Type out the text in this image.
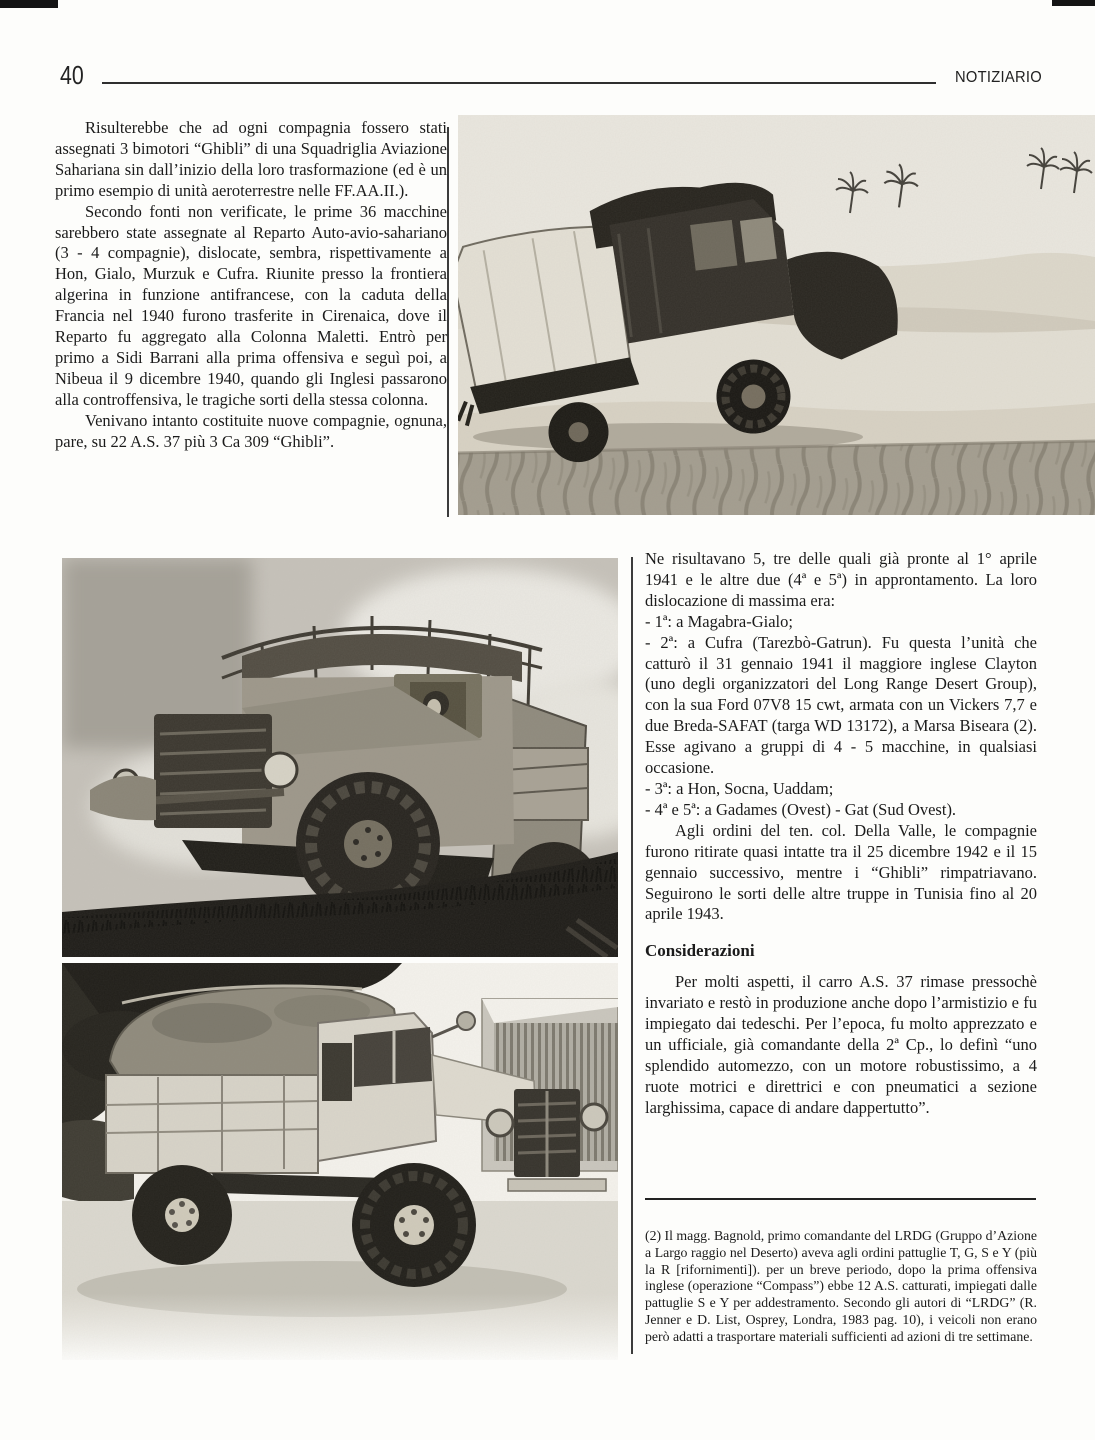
40	NOTIZIARIO

Risulterebbe che ad ogni compagnia fossero stati assegnati 3 bimotori “Ghibli” di una Squadriglia Aviazione Sahariana sin dall’inizio della loro trasformazione (ed è un primo esempio di unità aeroterrestre nelle FF.AA.II.).

Secondo fonti non verificate, le prime 36 macchine sarebbero state assegnate al Reparto Auto-avio-sahariano (3 - 4 compagnie), dislocate, sembra, rispettivamente a Hon, Gialo, Murzuk e Cufra. Riunite presso la frontiera algerina in funzione antifrancese, con la caduta della Francia nel 1940 furono trasferite in Cirenaica, dove il Reparto fu aggregato alla Colonna Maletti. Entrò per primo a Sidi Barrani alla prima offensiva e seguì poi, a Nibeua il 9 dicembre 1940, quando gli Inglesi passarono alla controffensiva, le tragiche sorti della stessa colonna.

Venivano intanto costituite nuove compagnie, ognuna, pare, su 22 A.S. 37 più 3 Ca 309 “Ghibli”.

Ne risultavano 5, tre delle quali già pronte al 1° aprile 1941 e le altre due (4ª e 5ª) in approntamento. La loro dislocazione di massima era:

- 1ª: a Magabra-Gialo;

- 2ª: a Cufra (Tarezbò-Gatrun). Fu questa l’unità che catturò il 31 gennaio 1941 il maggiore inglese Clayton (uno degli organizzatori del Long Range Desert Group), con la sua Ford 07V8 15 cwt, armata con un Vickers 7,7 e due Breda-SAFAT (targa WD 13172), a Marsa Biseara (2). Esse agivano a gruppi di 4 - 5 macchine, in qualsiasi occasione.

- 3ª: a Hon, Socna, Uaddam;

- 4ª e 5ª: a Gadames (Ovest) - Gat (Sud Ovest).

Agli ordini del ten. col. Della Valle, le compagnie furono ritirate quasi intatte tra il 25 dicembre 1942 e il 15 gennaio successivo, mentre i “Ghibli” rimpatriavano. Seguirono le sorti delle altre truppe in Tunisia fino al 20 aprile 1943.

Considerazioni

Per molti aspetti, il carro A.S. 37 rimase pressochè invariato e restò in produzione anche dopo l’armistizio e fu impiegato dai tedeschi. Per l’epoca, fu molto apprezzato e un ufficiale, già comandante della 2ª Cp., lo definì “uno splendido automezzo, con un motore robustissimo, a 4 ruote motrici e direttrici e con pneumatici a sezione larghissima, capace di andare dappertutto”.

(2) Il magg. Bagnold, primo comandante del LRDG (Gruppo d’Azione a Largo raggio nel Deserto) aveva agli ordini pattuglie T, G, S e Y (più la R [rifornimenti]). per un breve periodo, dopo la prima offensiva inglese (operazione “Compass”) ebbe 12 A.S. catturati, impiegati dalle pattuglie S e Y per addestramento. Secondo gli autori di “LRDG” (R. Jenner e D. List, Osprey, Londra, 1983 pag. 10), i veicoli non erano però adatti a trasportare materiali sufficienti ad azioni di tre settimane.
